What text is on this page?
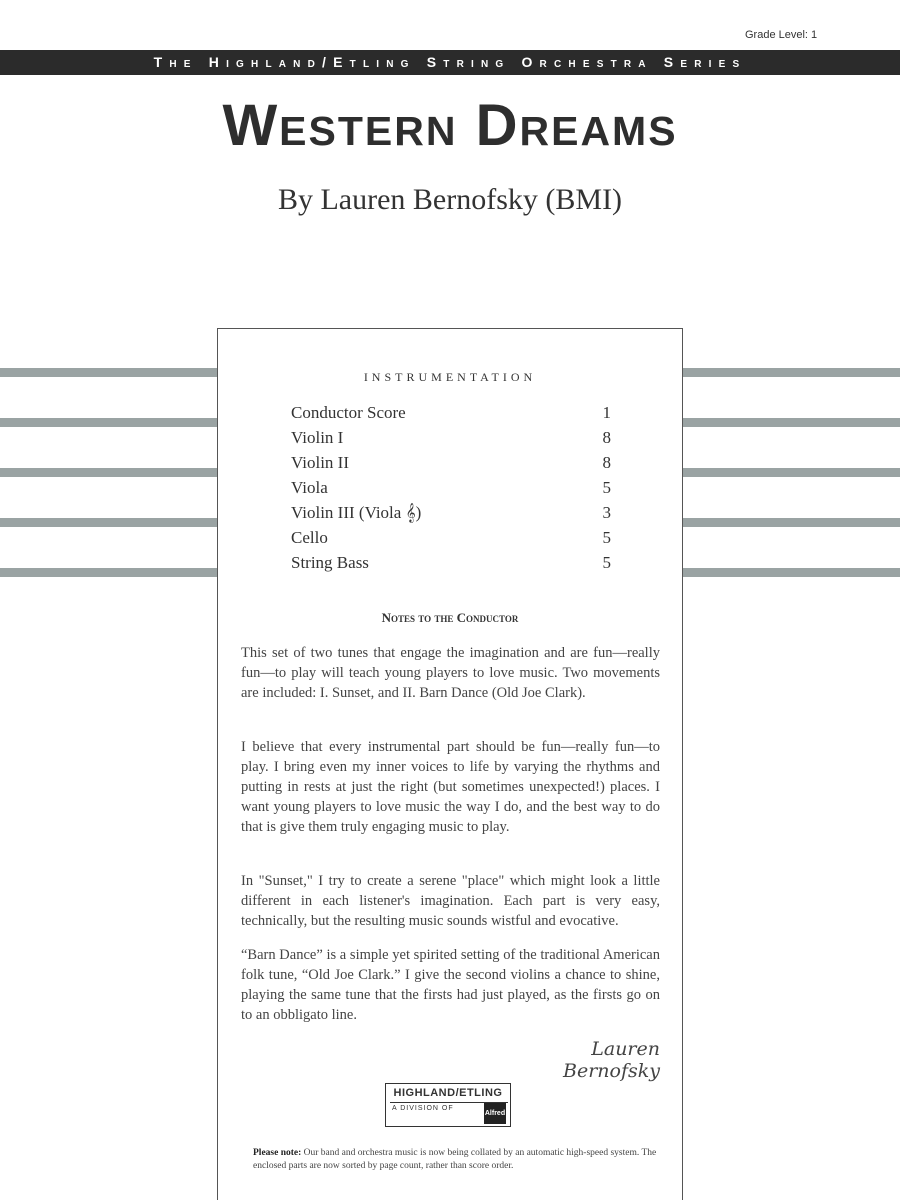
Grade Level: 1
The Highland/Etling String Orchestra Series
Western Dreams
By Lauren Bernofsky (BMI)
INSTRUMENTATION
Conductor Score	1
Violin I	8
Violin II	8
Viola	5
Violin III (Viola 𝄞)	3
Cello	5
String Bass	5
Notes to the Conductor

This set of two tunes that engage the imagination and are fun—really fun—to play will teach young players to love music. Two movements are included: I. Sunset, and II. Barn Dance (Old Joe Clark).

I believe that every instrumental part should be fun—really fun—to play. I bring even my inner voices to life by varying the rhythms and putting in rests at just the right (but sometimes unexpected!) places. I want young players to love music the way I do, and the best way to do that is give them truly engaging music to play.

In "Sunset," I try to create a serene "place" which might look a little different in each listener's imagination. Each part is very easy, technically, but the resulting music sounds wistful and evocative.

“Barn Dance” is a simple yet spirited setting of the traditional American folk tune, “Old Joe Clark.” I give the second violins a chance to shine, playing the same tune that the firsts had just played, as the firsts go on to an obbligato line.

Lauren Bernofsky
HIGHLAND/ETLING
A DIVISION OF
Alfred

Please note: Our band and orchestra music is now being collated by an automatic high-speed system. The enclosed parts are now sorted by page count, rather than score order.
